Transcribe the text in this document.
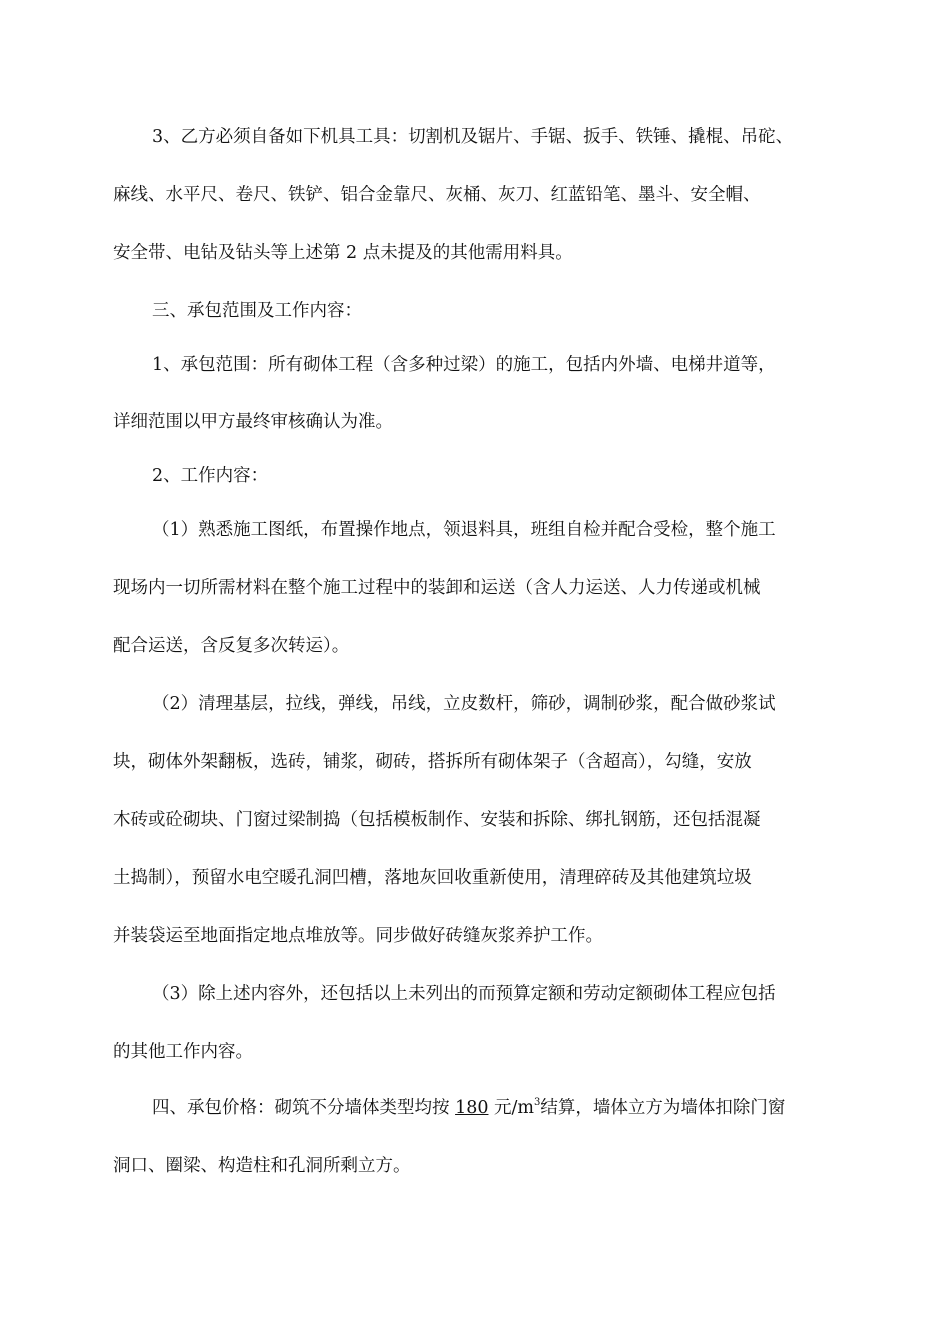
3、乙方必须自备如下机具工具：切割机及锯片、手锯、扳手、铁锤、撬棍、吊砣、
麻线、水平尺、卷尺、铁铲、铝合金靠尺、灰桶、灰刀、红蓝铅笔、墨斗、安全帽、
安全带、电钻及钻头等上述第 2 点未提及的其他需用料具。
三、承包范围及工作内容：
1、承包范围：所有砌体工程（含多种过梁）的施工，包括内外墙、电梯井道等，
详细范围以甲方最终审核确认为准。
2、工作内容：
（1）熟悉施工图纸，布置操作地点，领退料具，班组自检并配合受检，整个施工
现场内一切所需材料在整个施工过程中的装卸和运送（含人力运送、人力传递或机械
配合运送，含反复多次转运）。
（2）清理基层，拉线，弹线，吊线，立皮数杆，筛砂，调制砂浆，配合做砂浆试
块，砌体外架翻板，选砖，铺浆，砌砖，搭拆所有砌体架子（含超高），勾缝，安放
木砖或砼砌块、门窗过梁制捣（包括模板制作、安装和拆除、绑扎钢筋，还包括混凝
土捣制），预留水电空暖孔洞凹槽，落地灰回收重新使用，清理碎砖及其他建筑垃圾
并装袋运至地面指定地点堆放等。同步做好砖缝灰浆养护工作。
（3）除上述内容外，还包括以上未列出的而预算定额和劳动定额砌体工程应包括
的其他工作内容。
四、承包价格：砌筑不分墙体类型均按 180 元$/m^3$结算，墙体立方为墙体扣除门窗
洞口、圈梁、构造柱和孔洞所剩立方。
